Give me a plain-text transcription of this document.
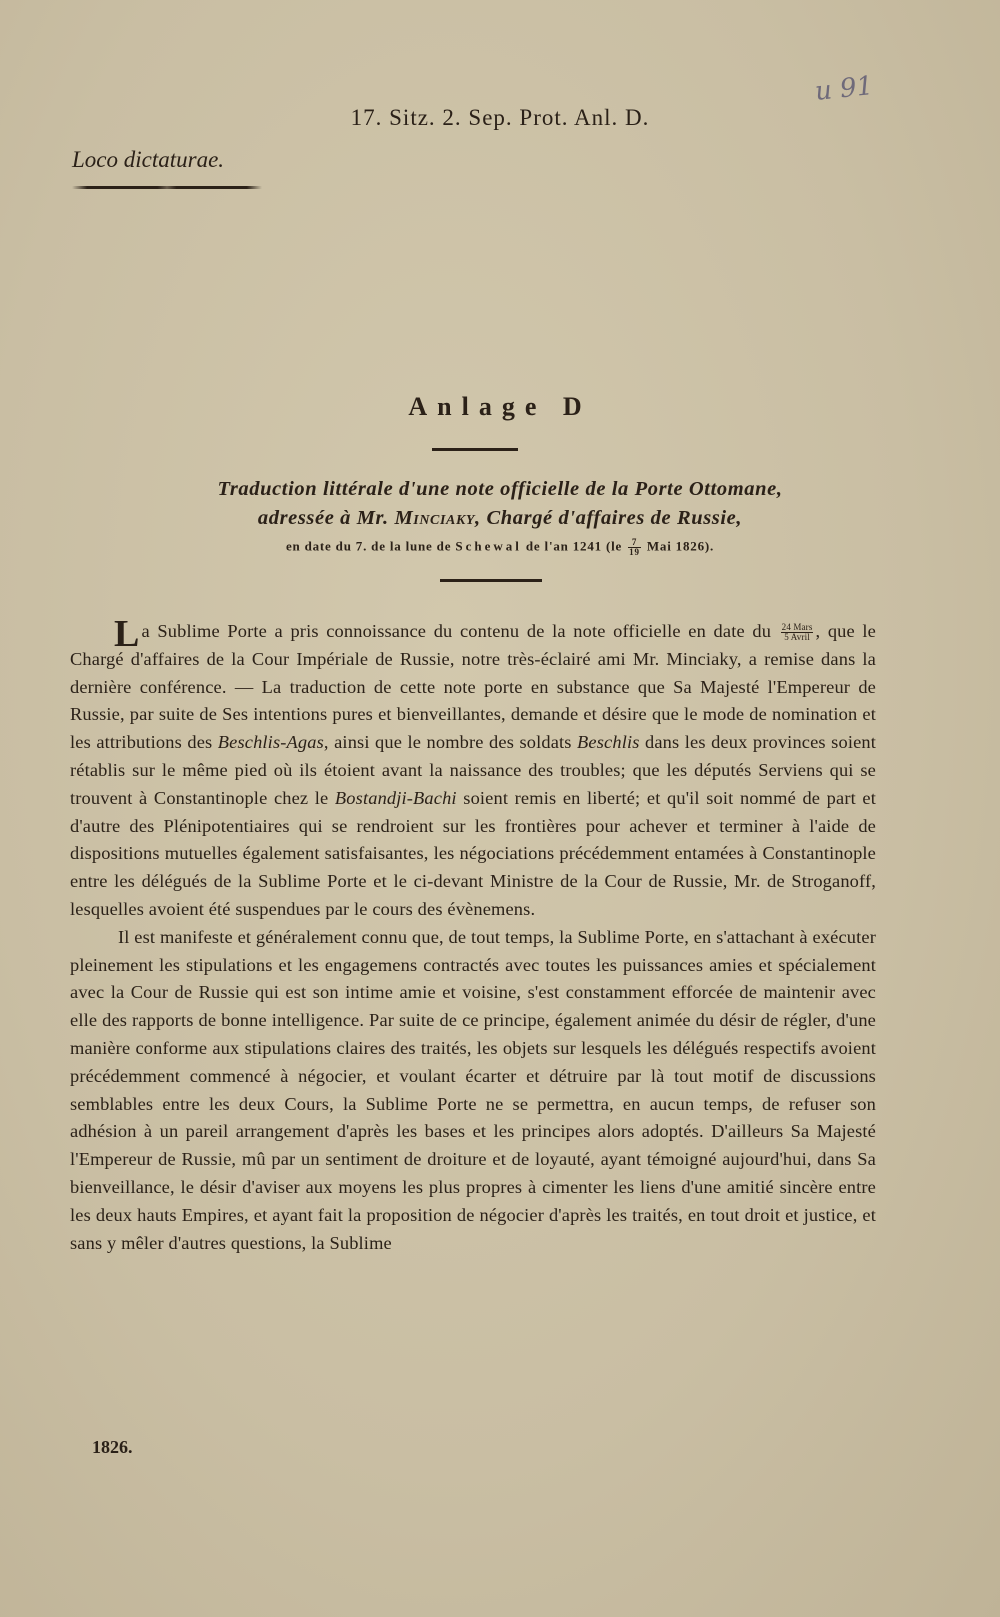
u 91

17. Sitz. 2. Sep. Prot. Anl. D.

Loco dictaturae.

Anlage D

Traduction littérale d'une note officielle de la Porte Ottomane,

adressée à Mr. Minciaky, Chargé d'affaires de Russie,

en date du 7. de la lune de Schewal de l'an 1241 ($le \frac{7}{19}$ Mai 1826).

La Sublime Porte a pris connoissance du contenu de la note officielle en date du $\frac{\text{24 Mars}}{\text{5 Avril}}$ , que le Chargé d'affaires de la Cour Impériale de Russie, notre très-éclairé ami Mr. Minciaky, a remise dans la dernière conférence. — La traduction de cette note porte en substance que Sa Majesté l'Empereur de Russie, par suite de Ses intentions pures et bienveillantes, demande et désire que le mode de nomination et les attributions des Beschlis-Agas, ainsi que le nombre des soldats Beschlis dans les deux provinces soient rétablis sur le même pied où ils étoient avant la naissance des troubles; que les députés Serviens qui se trouvent à Constantinople chez le Bostandji-Bachi soient remis en liberté; et qu'il soit nommé de part et d'autre des Plénipotentiaires qui se rendroient sur les frontières pour achever et terminer à l'aide de dispositions mutuelles également satisfaisantes, les négociations précédemment entamées à Constantinople entre les délégués de la Sublime Porte et le ci-devant Ministre de la Cour de Russie, Mr. de Stroganoff, lesquelles avoient été suspendues par le cours des évènemens.

Il est manifeste et généralement connu que, de tout temps, la Sublime Porte, en s'attachant à exécuter pleinement les stipulations et les engagemens contractés avec toutes les puissances amies et spécialement avec la Cour de Russie qui est son intime amie et voisine, s'est constamment efforcée de maintenir avec elle des rapports de bonne intelligence. Par suite de ce principe, également animée du désir de régler, d'une manière conforme aux stipulations claires des traités, les objets sur lesquels les délégués respectifs avoient précédemment commencé à négocier, et voulant écarter et détruire par là tout motif de discussions semblables entre les deux Cours, la Sublime Porte ne se permettra, en aucun temps, de refuser son adhésion à un pareil arrangement d'après les bases et les principes alors adoptés. D'ailleurs Sa Majesté l'Empereur de Russie, mû par un sentiment de droiture et de loyauté, ayant témoigné aujourd'hui, dans Sa bienveillance, le désir d'aviser aux moyens les plus propres à cimenter les liens d'une amitié sincère entre les deux hauts Empires, et ayant fait la proposition de négocier d'après les traités, en tout droit et justice, et sans y mêler d'autres questions, la Sublime

1826.
